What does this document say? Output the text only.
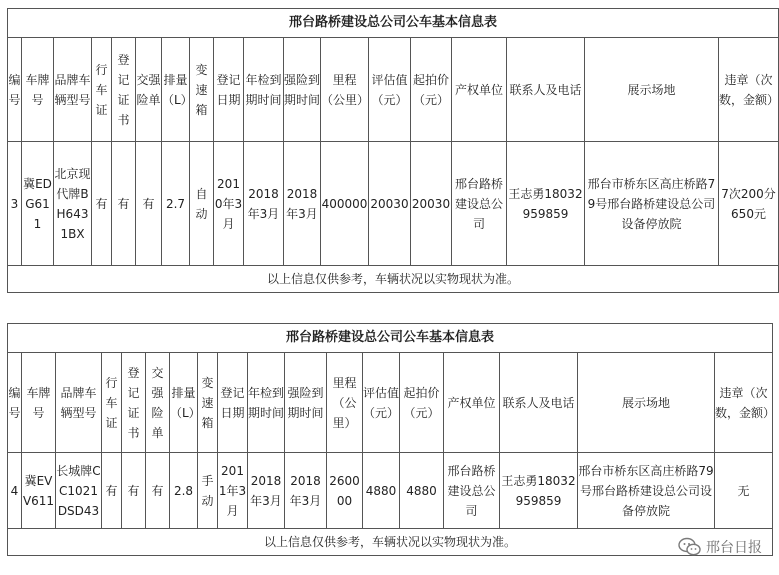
邢台路桥建设总公司公车基本信息表																	
编号	车牌号	品牌车辆型号	行车证	登记证书	交强险单	排量（L）	变速箱	登记日期	年检到期时间	强险到期时间	里程（公里）	评估值（元）	起拍价（元）	产权单位	联系人及电话	展示场地	违章（次数，金额）
3	冀EDG611	北京现代牌BH6431BX	有	有	有	2.7	自动	2010年3月	2018年3月	2018年3月	400000	20030	20030	邢台路桥建设总公司	王志勇18032959859	邢台市桥东区高庄桥路79号邢台路桥建设总公司设备停放院	7次200分650元
以上信息仅供参考，车辆状况以实物现状为准。																	
邢台路桥建设总公司公车基本信息表																	
编号	车牌号	品牌车辆型号	行车证	登记证书	交强险单	排量（L）	变速箱	登记日期	年检到期时间	强险到期时间	里程（公里）	评估值（元）	起拍价（元）	产权单位	联系人及电话	展示场地	违章（次数，金额）
4	冀EVV611	长城牌CC1021DSD43	有	有	有	2.8	手动	2011年3月	2018年3月	2018年3月	260000	4880	4880	邢台路桥建设总公司	王志勇18032959859	邢台市桥东区高庄桥路79号邢台路桥建设总公司设备停放院	无
以上信息仅供参考，车辆状况以实物现状为准。																		邢台日报
